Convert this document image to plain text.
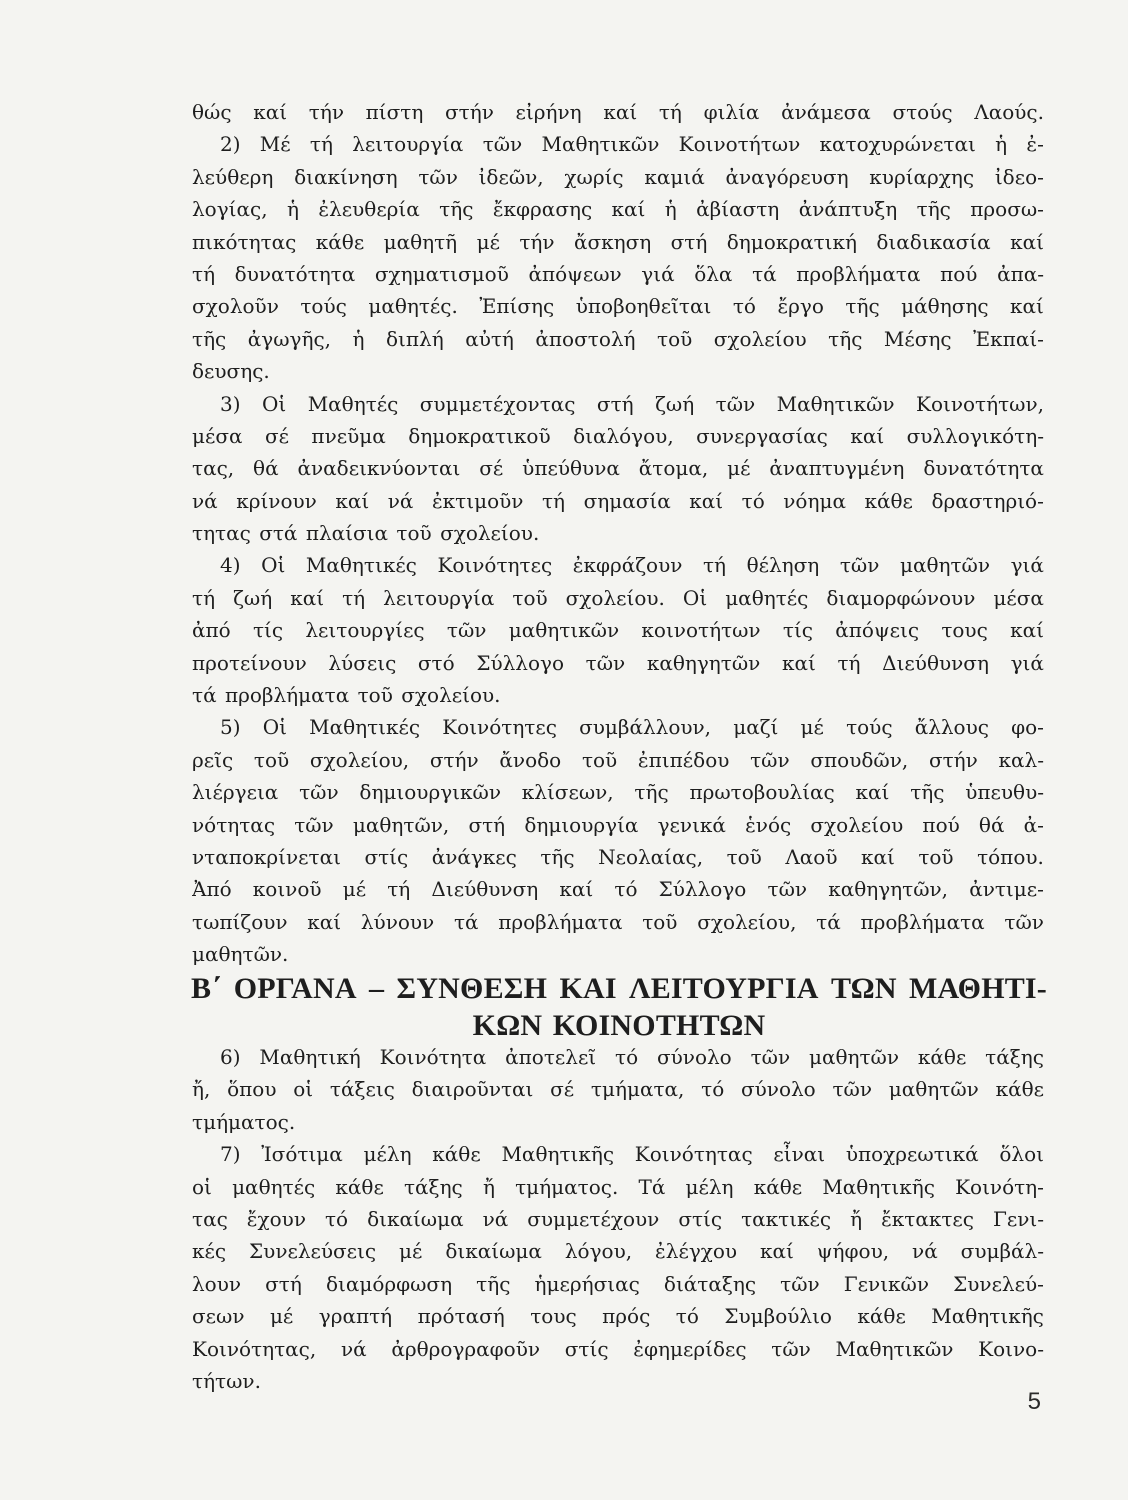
θώς καί τήν πίστη στήν εἰρήνη καί τή φιλία ἀνάμεσα στούς Λαούς.
2) Μέ τή λειτουργία τῶν Μαθητικῶν Κοινοτήτων κατοχυρώνεται ἡ ἐ-
λεύθερη διακίνηση τῶν ἰδεῶν, χωρίς καμιά ἀναγόρευση κυρίαρχης ἰδεο-
λογίας, ἡ ἐλευθερία τῆς ἔκφρασης καί ἡ ἀβίαστη ἀνάπτυξη τῆς προσω-
πικότητας κάθε μαθητῆ μέ τήν ἄσκηση στή δημοκρατική διαδικασία καί
τή δυνατότητα σχηματισμοῦ ἀπόψεων γιά ὅλα τά προβλήματα πού ἀπα-
σχολοῦν τούς μαθητές. Ἐπίσης ὑποβοηθεῖται τό ἔργο τῆς μάθησης καί
τῆς ἀγωγῆς, ἡ διπλή αὐτή ἀποστολή τοῦ σχολείου τῆς Μέσης Ἐκπαί-
δευσης.
3) Οἱ Μαθητές συμμετέχοντας στή ζωή τῶν Μαθητικῶν Κοινοτήτων,
μέσα σέ πνεῦμα δημοκρατικοῦ διαλόγου, συνεργασίας καί συλλογικότη-
τας, θά ἀναδεικνύονται σέ ὑπεύθυνα ἄτομα, μέ ἀναπτυγμένη δυνατότητα
νά κρίνουν καί νά ἐκτιμοῦν τή σημασία καί τό νόημα κάθε δραστηριό-
τητας στά πλαίσια τοῦ σχολείου.
4) Οἱ Μαθητικές Κοινότητες ἐκφράζουν τή θέληση τῶν μαθητῶν γιά
τή ζωή καί τή λειτουργία τοῦ σχολείου. Οἱ μαθητές διαμορφώνουν μέσα
ἀπό τίς λειτουργίες τῶν μαθητικῶν κοινοτήτων τίς ἀπόψεις τους καί
προτείνουν λύσεις στό Σύλλογο τῶν καθηγητῶν καί τή Διεύθυνση γιά
τά προβλήματα τοῦ σχολείου.
5) Οἱ Μαθητικές Κοινότητες συμβάλλουν, μαζί μέ τούς ἄλλους φο-
ρεῖς τοῦ σχολείου, στήν ἄνοδο τοῦ ἐπιπέδου τῶν σπουδῶν, στήν καλ-
λιέργεια τῶν δημιουργικῶν κλίσεων, τῆς πρωτοβουλίας καί τῆς ὑπευθυ-
νότητας τῶν μαθητῶν, στή δημιουργία γενικά ἑνός σχολείου πού θά ἀ-
νταποκρίνεται στίς ἀνάγκες τῆς Νεολαίας, τοῦ Λαοῦ καί τοῦ τόπου.
Ἀπό κοινοῦ μέ τή Διεύθυνση καί τό Σύλλογο τῶν καθηγητῶν, ἀντιμε-
τωπίζουν καί λύνουν τά προβλήματα τοῦ σχολείου, τά προβλήματα τῶν
μαθητῶν.
Β΄ ΟΡΓΑΝΑ – ΣΥΝΘΕΣΗ ΚΑΙ ΛΕΙΤΟΥΡΓΙΑ ΤΩΝ ΜΑΘΗΤΙ-
ΚΩΝ ΚΟΙΝΟΤΗΤΩΝ
6) Μαθητική Κοινότητα ἀποτελεῖ τό σύνολο τῶν μαθητῶν κάθε τάξης
ἤ, ὅπου οἱ τάξεις διαιροῦνται σέ τμήματα, τό σύνολο τῶν μαθητῶν κάθε
τμήματος.
7) Ἰσότιμα μέλη κάθε Μαθητικῆς Κοινότητας εἶναι ὑποχρεωτικά ὅλοι
οἱ μαθητές κάθε τάξης ἤ τμήματος. Τά μέλη κάθε Μαθητικῆς Κοινότη-
τας ἔχουν τό δικαίωμα νά συμμετέχουν στίς τακτικές ἤ ἔκτακτες Γενι-
κές Συνελεύσεις μέ δικαίωμα λόγου, ἐλέγχου καί ψήφου, νά συμβάλ-
λουν στή διαμόρφωση τῆς ἡμερήσιας διάταξης τῶν Γενικῶν Συνελεύ-
σεων μέ γραπτή πρότασή τους πρός τό Συμβούλιο κάθε Μαθητικῆς
Κοινότητας, νά ἀρθρογραφοῦν στίς ἐφημερίδες τῶν Μαθητικῶν Κοινο-
τήτων.
5
